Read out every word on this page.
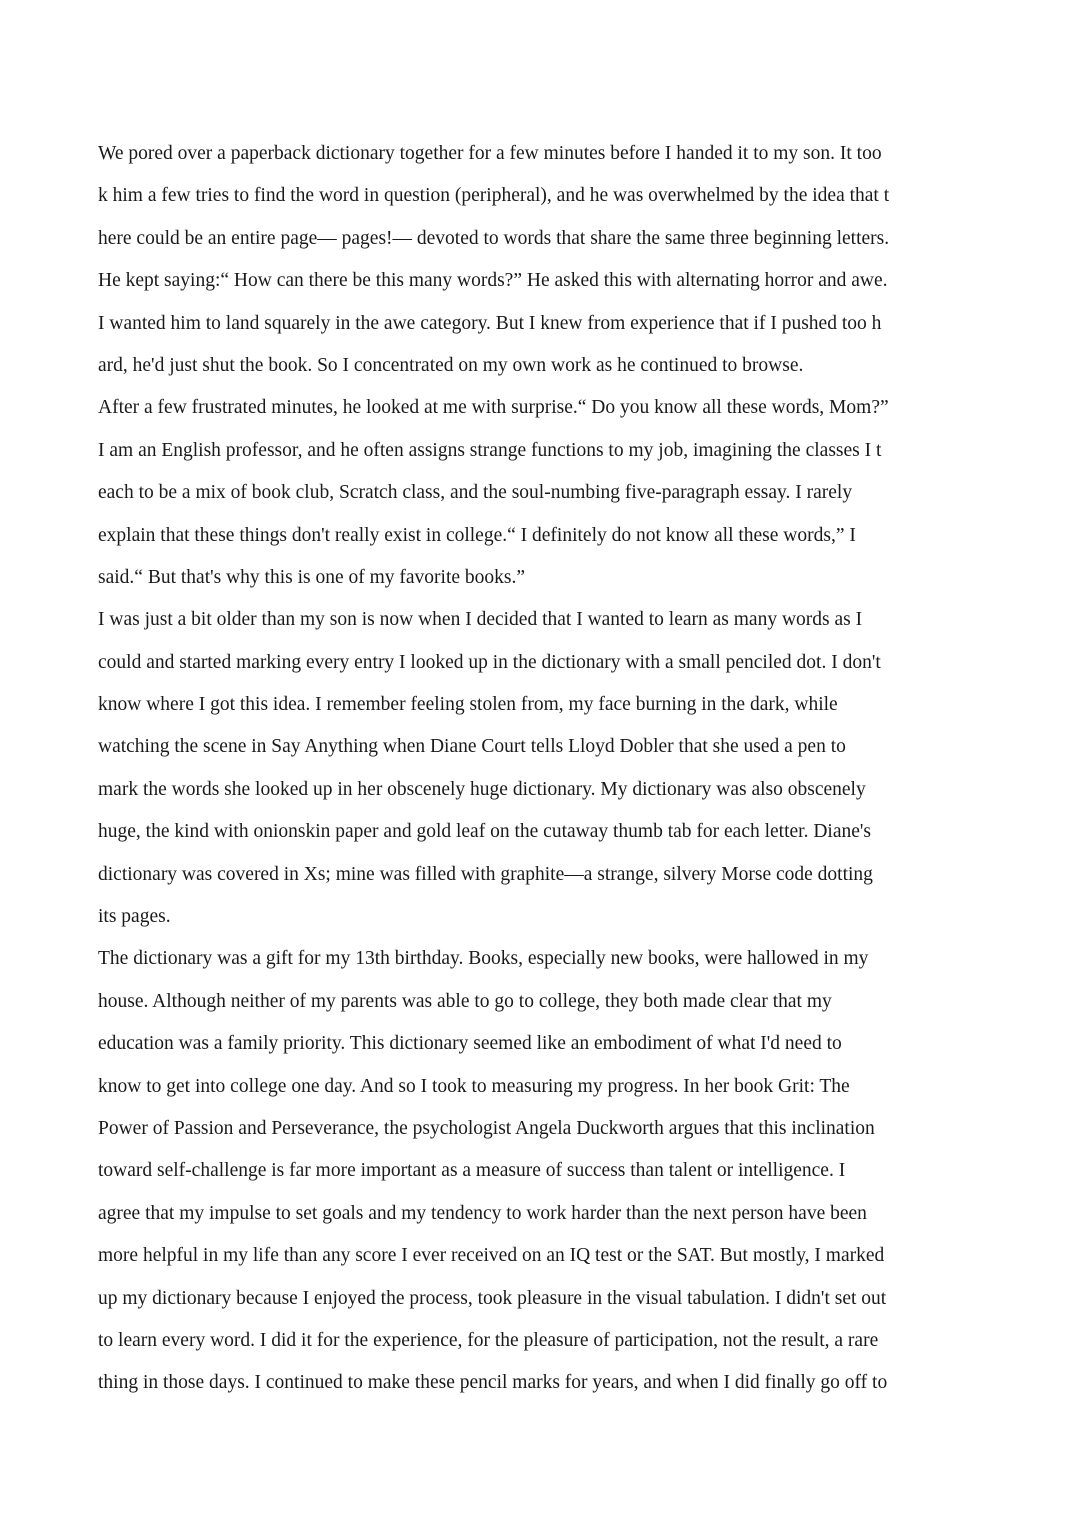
We pored over a paperback dictionary together for a few minutes before I handed it to my son. It too
k him a few tries to find the word in question (peripheral), and he was overwhelmed by the idea that t
here could be an entire page— pages!— devoted to words that share the same three beginning letters.
He kept saying:“ How can there be this many words?” He asked this with alternating horror and awe.
I wanted him to land squarely in the awe category. But I knew from experience that if I pushed too h
ard, he'd just shut the book. So I concentrated on my own work as he continued to browse.
After a few frustrated minutes, he looked at me with surprise.“ Do you know all these words, Mom?”
I am an English professor, and he often assigns strange functions to my job, imagining the classes I t
each to be a mix of book club, Scratch class, and the soul-numbing five-paragraph essay. I rarely
explain that these things don't really exist in college.“ I definitely do not know all these words,” I
said.“ But that's why this is one of my favorite books.”
I was just a bit older than my son is now when I decided that I wanted to learn as many words as I
could and started marking every entry I looked up in the dictionary with a small penciled dot. I don't
know where I got this idea. I remember feeling stolen from, my face burning in the dark, while
watching the scene in Say Anything when Diane Court tells Lloyd Dobler that she used a pen to
mark the words she looked up in her obscenely huge dictionary. My dictionary was also obscenely
huge, the kind with onionskin paper and gold leaf on the cutaway thumb tab for each letter. Diane's
dictionary was covered in Xs; mine was filled with graphite—a strange, silvery Morse code dotting
its pages.
The dictionary was a gift for my 13th birthday. Books, especially new books, were hallowed in my
house. Although neither of my parents was able to go to college, they both made clear that my
education was a family priority. This dictionary seemed like an embodiment of what I'd need to
know to get into college one day. And so I took to measuring my progress. In her book Grit: The
Power of Passion and Perseverance, the psychologist Angela Duckworth argues that this inclination
toward self-challenge is far more important as a measure of success than talent or intelligence. I
agree that my impulse to set goals and my tendency to work harder than the next person have been
more helpful in my life than any score I ever received on an IQ test or the SAT. But mostly, I marked
up my dictionary because I enjoyed the process, took pleasure in the visual tabulation. I didn't set out
to learn every word. I did it for the experience, for the pleasure of participation, not the result, a rare
thing in those days. I continued to make these pencil marks for years, and when I did finally go off to
